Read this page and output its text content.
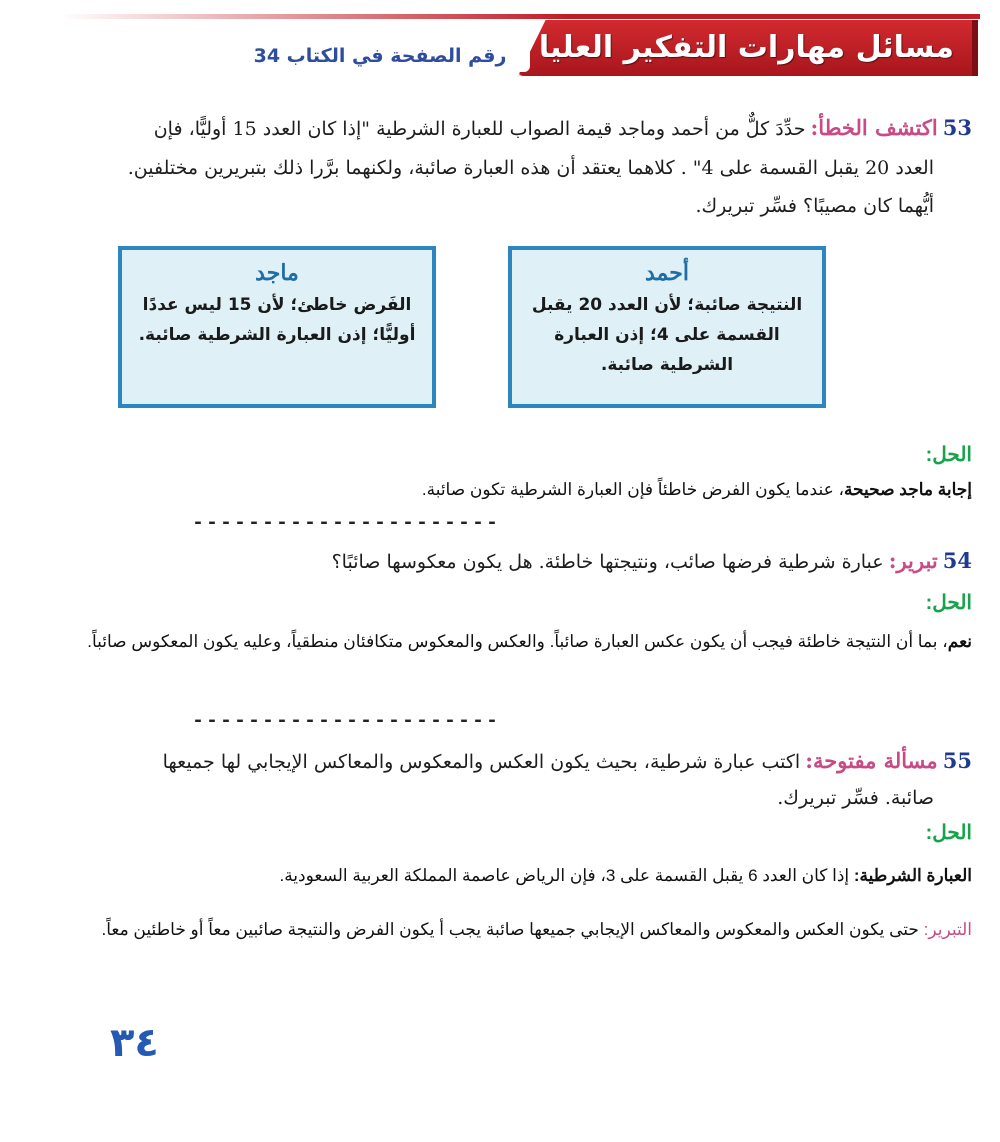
مسائل مهارات التفكير العليا
رقم الصفحة في الكتاب 34
53 اكتشف الخطأ: حدِّدَ كلٌّ من أحمد وماجد قيمة الصواب للعبارة الشرطية "إذا كان العدد 15 أوليًّا، فإن
العدد 20 يقبل القسمة على 4" . كلاهما يعتقد أن هذه العبارة صائبة، ولكنهما برَّرا ذلك بتبريرين مختلفين.
أيُّهما كان مصيبًا؟ فسِّر تبريرك.
ماجد
الفَرض خاطئ؛ لأن 15 ليس عددًا أوليًّا؛ إذن العبارة الشرطية صائبة.
أحمد
النتيجة صائبة؛ لأن العدد 20 يقبل القسمة على 4؛ إذن العبارة الشرطية صائبة.
الحل:
إجابة ماجد صحيحة، عندما يكون الفرض خاطئاً فإن العبارة الشرطية تكون صائبة.
----------------------
54 تبرير: عبارة شرطية فرضها صائب، ونتيجتها خاطئة. هل يكون معكوسها صائبًا؟
الحل:
نعم، بما أن النتيجة خاطئة فيجب أن يكون عكس العبارة صائباً. والعكس والمعكوس متكافئان منطقياً، وعليه يكون المعكوس صائباً.
----------------------
55 مسألة مفتوحة: اكتب عبارة شرطية، بحيث يكون العكس والمعكوس والمعاكس الإيجابي لها جميعها
صائبة. فسِّر تبريرك.
الحل:
العبارة الشرطية: إذا كان العدد 6 يقبل القسمة على 3، فإن الرياض عاصمة المملكة العربية السعودية.
التبرير: حتى يكون العكس والمعكوس والمعاكس الإيجابي جميعها صائبة يجب أ يكون الفرض والنتيجة صائبين معاً أو خاطئين معاً.
٣٤
